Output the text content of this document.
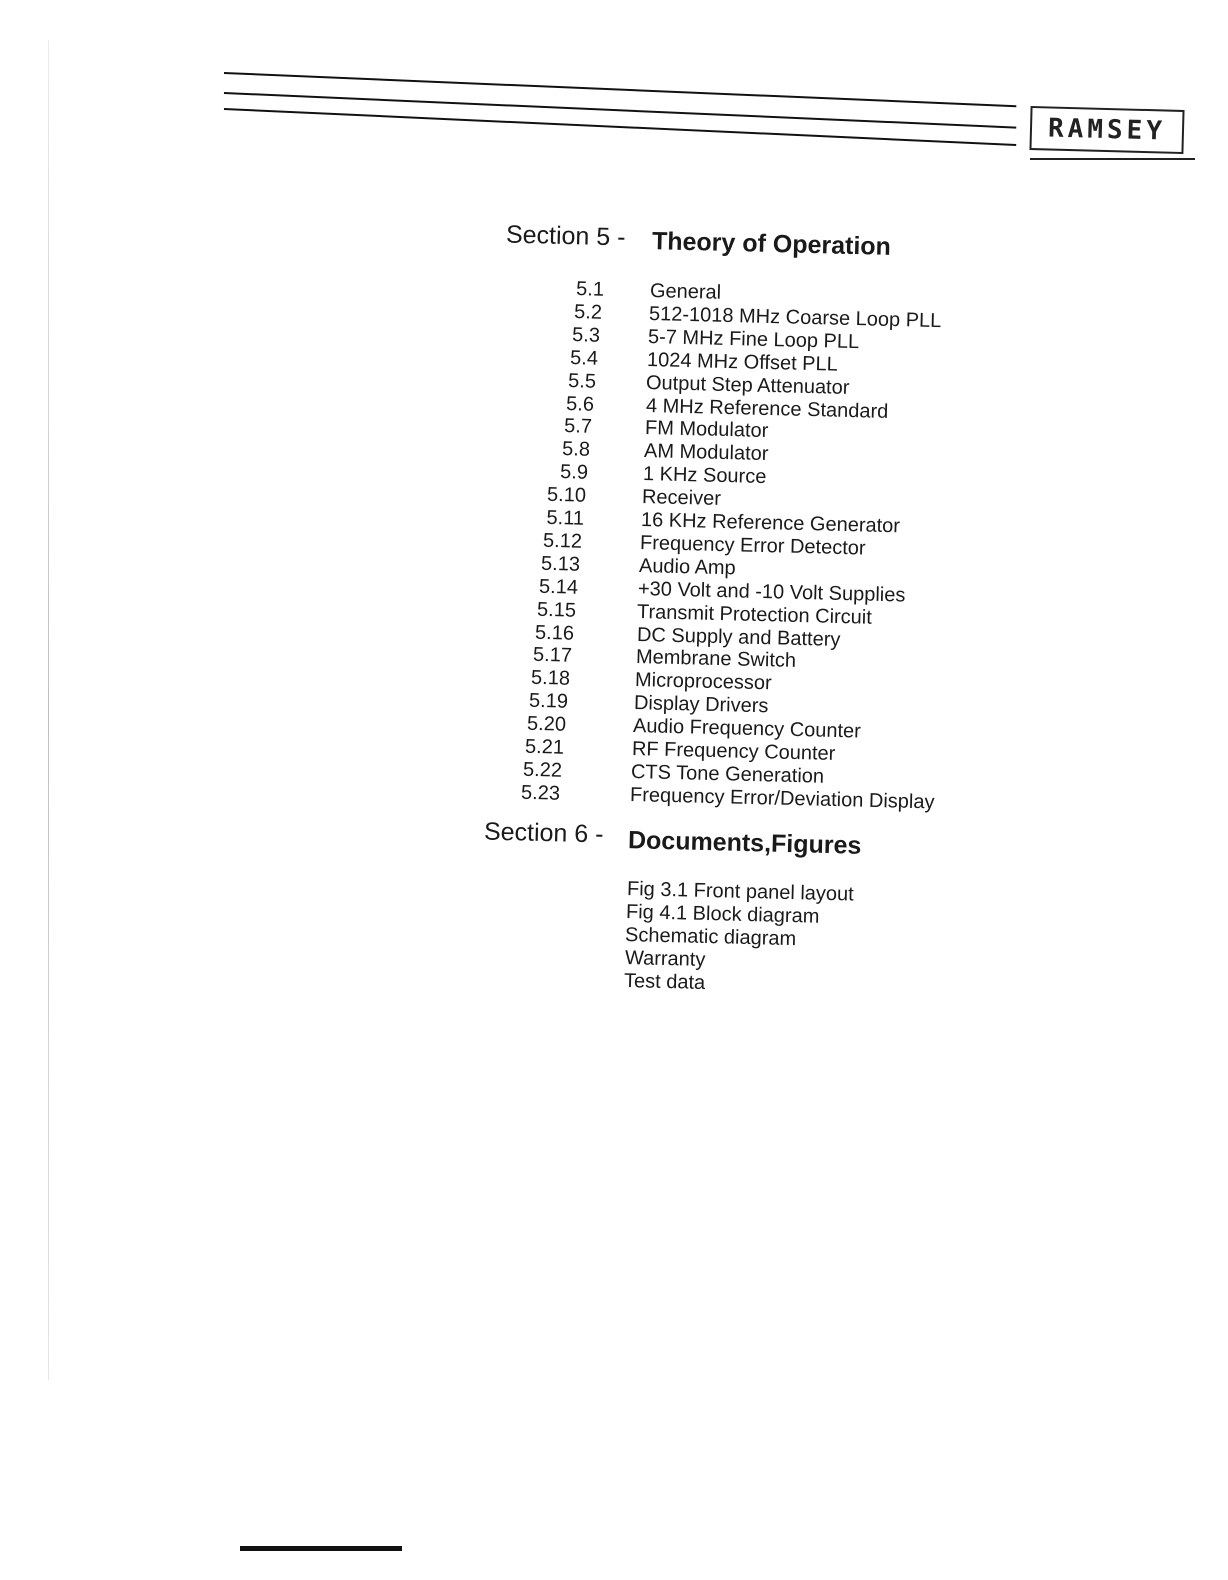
RAMSEY
Section 5 - Theory of Operation
5.1 General
5.2 512-1018 MHz Coarse Loop PLL
5.3 5-7 MHz Fine Loop PLL
5.4 1024 MHz Offset PLL
5.5 Output Step Attenuator
5.6	4 MHz Reference Standard
5.7	FM Modulator
5.8	AM Modulator
5.9	1 KHz Source
5.10	Receiver
5.11	16 KHz Reference Generator
5.12	Frequency Error Detector
5.13	Audio Amp
5.14	+30 Volt and -10 Volt Supplies
5.15	Transmit Protection Circuit
5.16	DC Supply and Battery
5.17	Membrane Switch
5.18	Microprocessor
5.19	Display Drivers
5.20	Audio Frequency Counter
5.21	RF Frequency Counter
5.22	CTS Tone Generation
5.23	Frequency Error/Deviation Display
Section 6 - Documents,Figures
Fig 3.1 Front panel layout
Fig 4.1 Block diagram
Schematic diagram
Warranty
Test data
